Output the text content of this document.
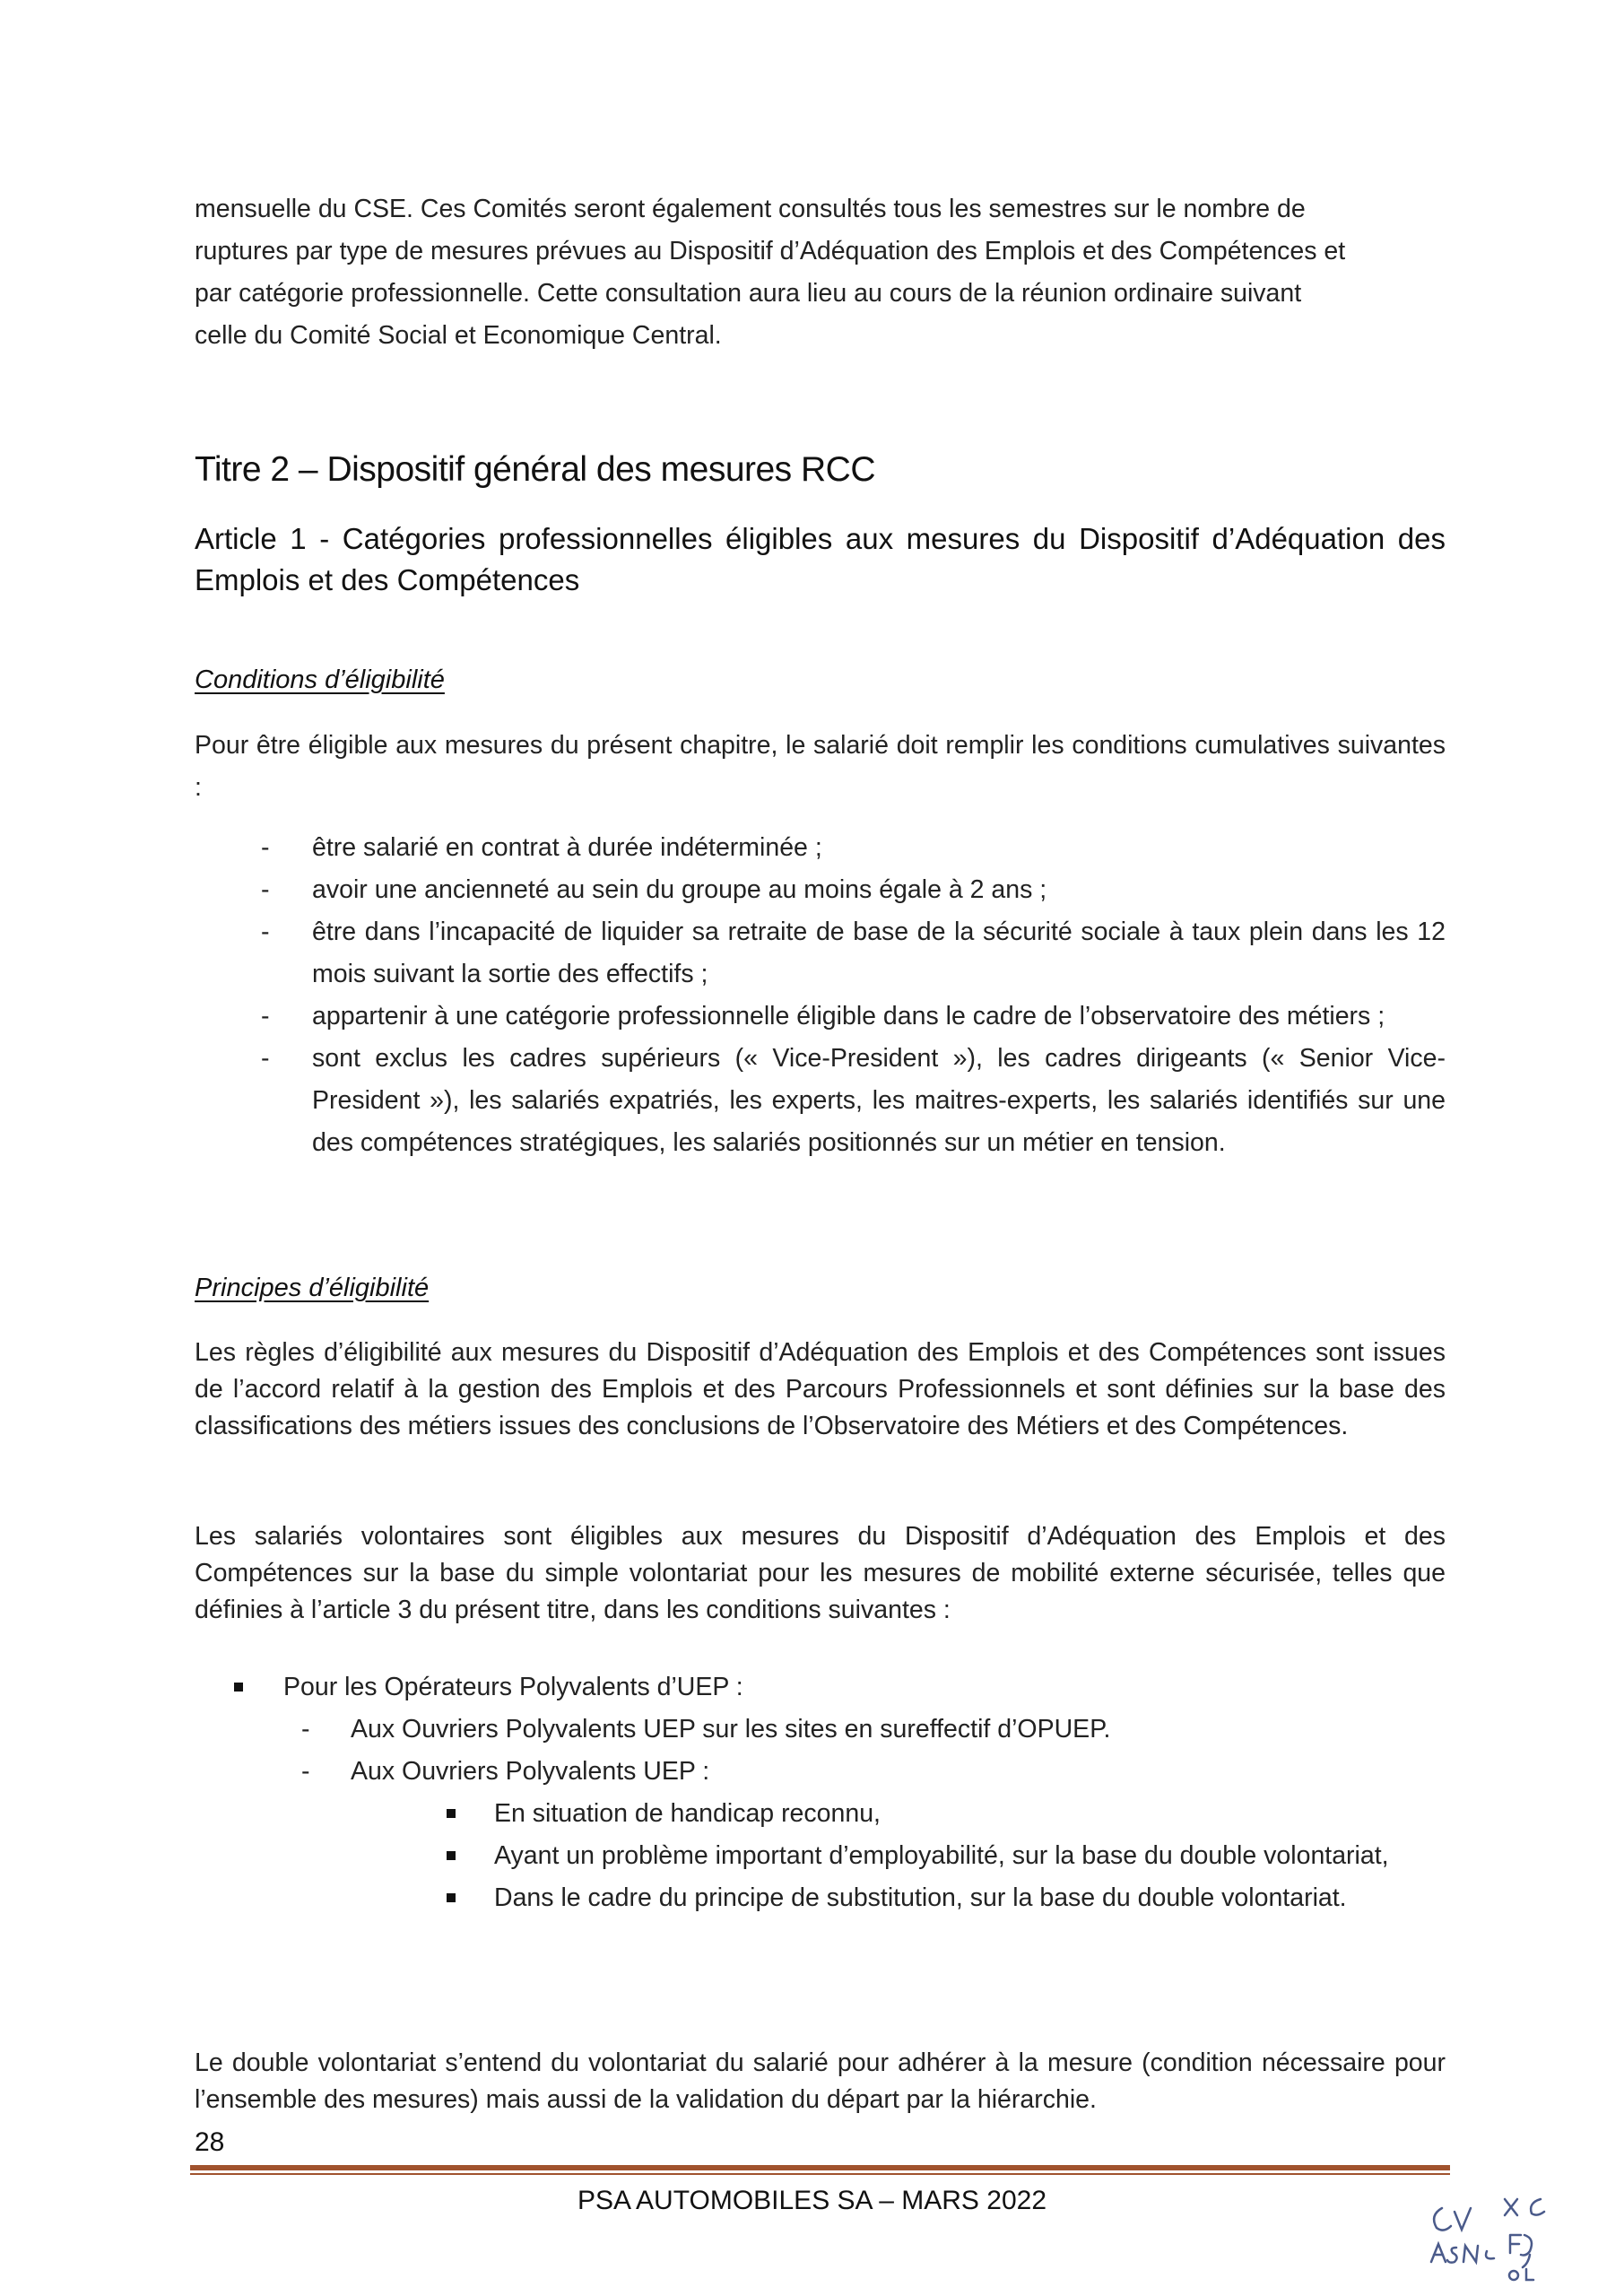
mensuelle du CSE. Ces Comités seront également consultés tous les semestres sur le nombre de
ruptures par type de mesures prévues au Dispositif d’Adéquation des Emplois et des Compétences et
par catégorie professionnelle. Cette consultation aura lieu au cours de la réunion ordinaire suivant
celle du Comité Social et Economique Central.
Titre 2 – Dispositif général des mesures RCC
Article 1 - Catégories professionnelles éligibles aux mesures du Dispositif d’Adéquation des Emplois et des Compétences
Conditions d’éligibilité

Pour être éligible aux mesures du présent chapitre, le salarié doit remplir les conditions cumulatives suivantes :

- être salarié en contrat à durée indéterminée ;
- avoir une ancienneté au sein du groupe au moins égale à 2 ans ;
- être dans l’incapacité de liquider sa retraite de base de la sécurité sociale à taux plein dans les 12 mois suivant la sortie des effectifs ;
- appartenir à une catégorie professionnelle éligible dans le cadre de l’observatoire des métiers ;
- sont exclus les cadres supérieurs (« Vice-President »), les cadres dirigeants (« Senior Vice-President »), les salariés expatriés, les experts, les maitres-experts, les salariés identifiés sur une des compétences stratégiques, les salariés positionnés sur un métier en tension.
Principes d’éligibilité

Les règles d’éligibilité aux mesures du Dispositif d’Adéquation des Emplois et des Compétences sont issues de l’accord relatif à la gestion des Emplois et des Parcours Professionnels et sont définies sur la base des classifications des métiers issues des conclusions de l’Observatoire des Métiers et des Compétences.

Les salariés volontaires sont éligibles aux mesures du Dispositif d’Adéquation des Emplois et des Compétences sur la base du simple volontariat pour les mesures de mobilité externe sécurisée, telles que définies à l’article 3 du présent titre, dans les conditions suivantes :

Pour les Opérateurs Polyvalents d’UEP :
- Aux Ouvriers Polyvalents UEP sur les sites en sureffectif d’OPUEP.
- Aux Ouvriers Polyvalents UEP :
En situation de handicap reconnu,
Ayant un problème important d’employabilité, sur la base du double volontariat,
Dans le cadre du principe de substitution, sur la base du double volontariat.

Le double volontariat s’entend du volontariat du salarié pour adhérer à la mesure (condition nécessaire pour l’ensemble des mesures) mais aussi de la validation du départ par la hiérarchie.

28
PSA AUTOMOBILES SA – MARS 2022
